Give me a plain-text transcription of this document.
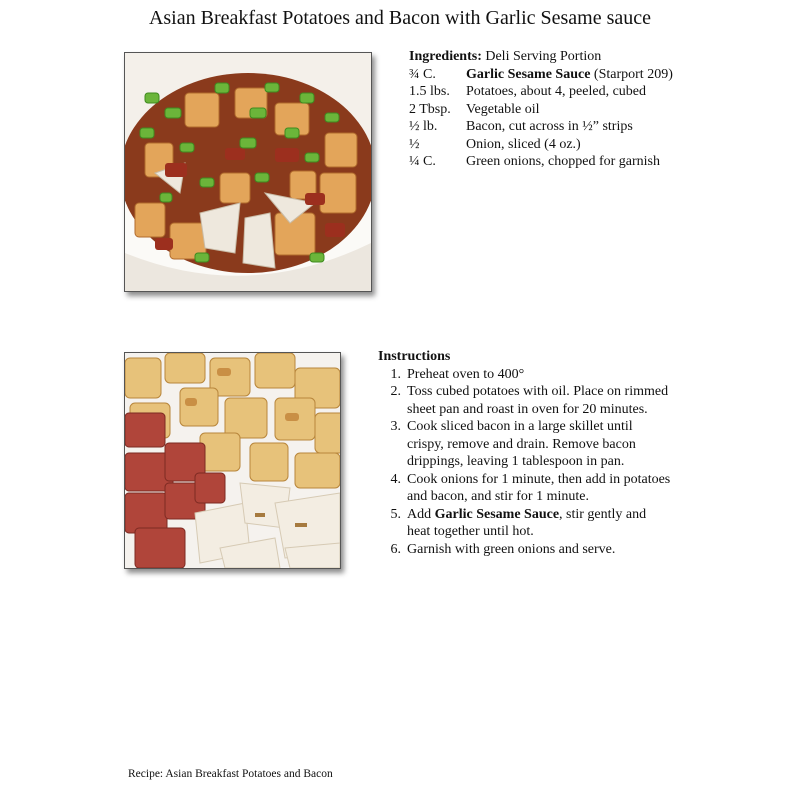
Asian Breakfast Potatoes and Bacon with Garlic Sesame sauce
Ingredients: Deli Serving Portion
¾ C.	Garlic Sesame Sauce (Starport 209)
1.5 lbs.	Potatoes, about 4, peeled, cubed
2 Tbsp.	Vegetable oil
½ lb.	Bacon, cut across in ½” strips
½	Onion, sliced (4 oz.)
¼ C.	Green onions, chopped for garnish
Instructions
1. Preheat oven to 400°
2. Toss cubed potatoes with oil. Place on rimmed sheet pan and roast in oven for 20 minutes.
3. Cook sliced bacon in a large skillet until crispy, remove and drain. Remove bacon drippings, leaving 1 tablespoon in pan.
4. Cook onions for 1 minute, then add in potatoes and bacon, and stir for 1 minute.
5. Add Garlic Sesame Sauce, stir gently and heat together until hot.
6. Garnish with green onions and serve.
Recipe: Asian Breakfast Potatoes and Bacon
